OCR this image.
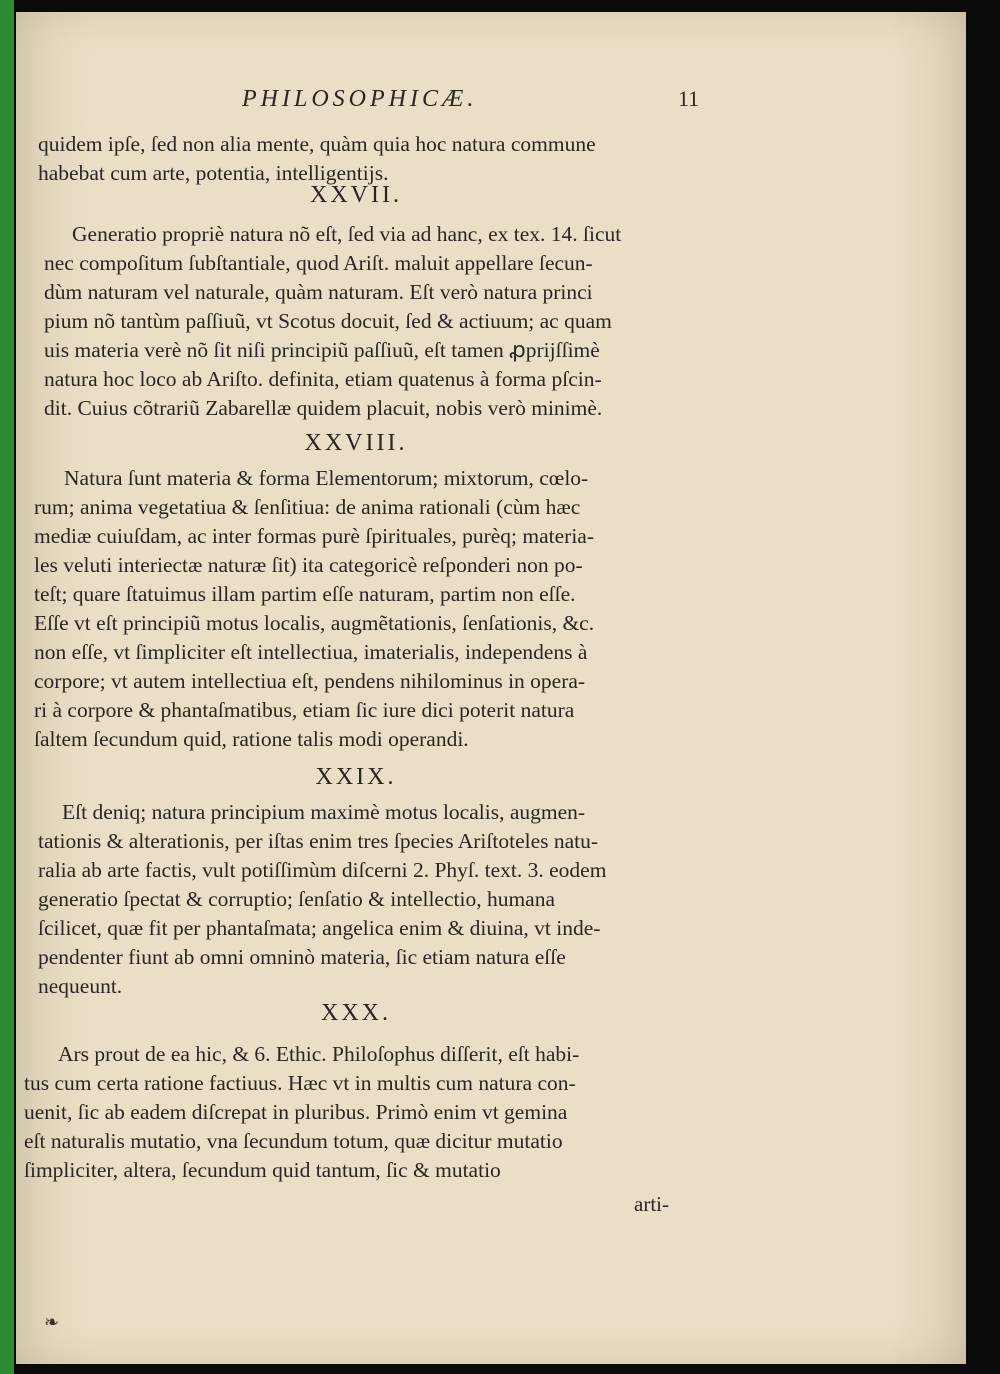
PHILOSOPHICÆ.	11
quidem ipſe, ſed non alia mente, quàm quia hoc natura commune
habebat cum arte, potentia, intelligentijs.
XXVII.
Generatio propriè natura nõ eſt, ſed via ad hanc, ex tex. 14. ſicut
nec compoſitum ſubſtantiale, quod Ariſt. maluit appellare ſecun-
dùm naturam vel naturale, quàm naturam. Eſt verò natura princi
pium nõ tantùm paſſiuũ, vt Scotus docuit, ſed & actiuum; ac quam
uis materia verè nõ ſit niſi principiũ paſſiuũ, eſt tamen ꝓprijſſimè
natura hoc loco ab Ariſto. definita, etiam quatenus à forma pſcin-
dit. Cuius cõtrariũ Zabarellæ quidem placuit, nobis verò minimè.
XXVIII.
Natura ſunt materia & forma Elementorum; mixtorum, cœlo-
rum; anima vegetatiua & ſenſitiua: de anima rationali (cùm hæc
mediæ cuiuſdam, ac inter formas purè ſpirituales, purèq; materia-
les veluti interiectæ naturæ ſit) ita categoricè reſponderi non po-
teſt; quare ſtatuimus illam partim eſſe naturam, partim non eſſe.
Eſſe vt eſt principiũ motus localis, augmẽtationis, ſenſationis, &c.
non eſſe, vt ſimpliciter eſt intellectiua, imaterialis, independens à
corpore; vt autem intellectiua eſt, pendens nihilominus in opera-
ri à corpore & phantaſmatibus, etiam ſic iure dici poterit natura
ſaltem ſecundum quid, ratione talis modi operandi.
XXIX.
Eſt deniq; natura principium maximè motus localis, augmen-
tationis & alterationis, per iſtas enim tres ſpecies Ariſtoteles natu-
ralia ab arte factis, vult potiſſimùm diſcerni 2. Phyſ. text. 3. eodem
generatio ſpectat & corruptio; ſenſatio & intellectio, humana
ſcilicet, quæ fit per phantaſmata; angelica enim & diuina, vt inde-
pendenter fiunt ab omni omninò materia, ſic etiam natura eſſe
nequeunt.
XXX.
Ars prout de ea hic, & 6. Ethic. Philoſophus diſſerit, eſt habi-
tus cum certa ratione factiuus. Hæc vt in multis cum natura con-
uenit, ſic ab eadem diſcrepat in pluribus. Primò enim vt gemina
eſt naturalis mutatio, vna ſecundum totum, quæ dicitur mutatio
ſimpliciter, altera, ſecundum quid tantum, ſic & mutatio
arti-
❧
